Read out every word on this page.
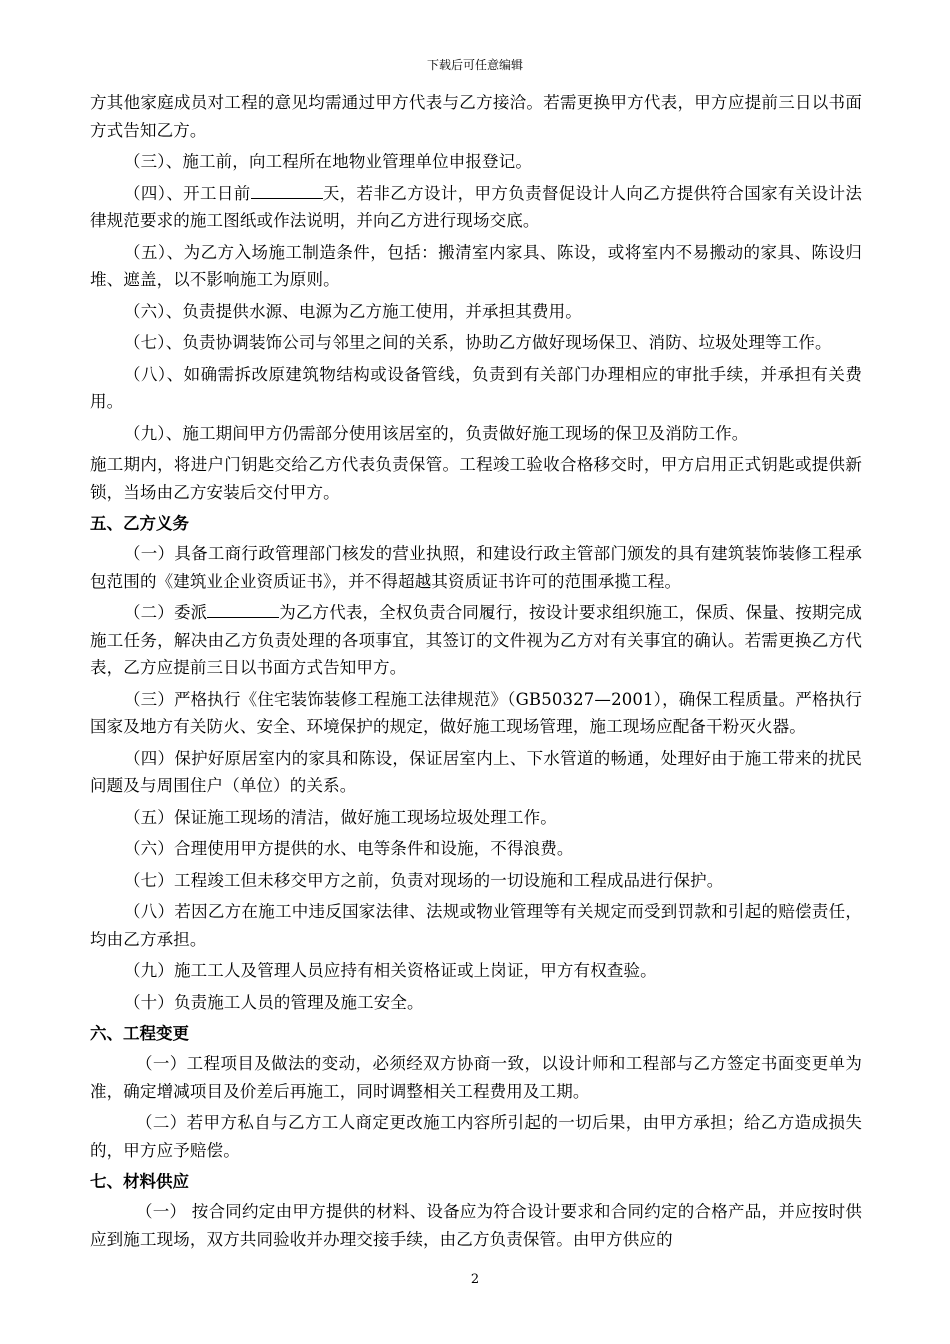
下载后可任意编辑
方其他家庭成员对工程的意见均需通过甲方代表与乙方接洽。若需更换甲方代表，甲方应提前三日以书面方式告知乙方。
（三）、施工前，向工程所在地物业管理单位申报登记。
（四）、开工日前	天，若非乙方设计，甲方负责督促设计人向乙方提供符合国家有关设计法律规范要求的施工图纸或作法说明，并向乙方进行现场交底。
（五）、为乙方入场施工制造条件，包括：搬清室内家具、陈设，或将室内不易搬动的家具、陈设归堆、遮盖，以不影响施工为原则。
（六）、负责提供水源、电源为乙方施工使用，并承担其费用。
（七）、负责协调装饰公司与邻里之间的关系，协助乙方做好现场保卫、消防、垃圾处理等工作。
（八）、如确需拆改原建筑物结构或设备管线，负责到有关部门办理相应的审批手续，并承担有关费用。
（九）、施工期间甲方仍需部分使用该居室的，负责做好施工现场的保卫及消防工作。
施工期内，将进户门钥匙交给乙方代表负责保管。工程竣工验收合格移交时，甲方启用正式钥匙或提供新锁，当场由乙方安装后交付甲方。
五、乙方义务
（一）具备工商行政管理部门核发的营业执照，和建设行政主管部门颁发的具有建筑装饰装修工程承包范围的《建筑业企业资质证书》，并不得超越其资质证书许可的范围承揽工程。
（二）委派	为乙方代表，全权负责合同履行，按设计要求组织施工，保质、保量、按期完成施工任务，解决由乙方负责处理的各项事宜，其签订的文件视为乙方对有关事宜的确认。若需更换乙方代表，乙方应提前三日以书面方式告知甲方。
（三）严格执行《住宅装饰装修工程施工法律规范》（GB50327—2001），确保工程质量。严格执行国家及地方有关防火、安全、环境保护的规定，做好施工现场管理，施工现场应配备干粉灭火器。
（四）保护好原居室内的家具和陈设，保证居室内上、下水管道的畅通，处理好由于施工带来的扰民问题及与周围住户（单位）的关系。
（五）保证施工现场的清洁，做好施工现场垃圾处理工作。
（六）合理使用甲方提供的水、电等条件和设施，不得浪费。
（七）工程竣工但未移交甲方之前，负责对现场的一切设施和工程成品进行保护。
（八）若因乙方在施工中违反国家法律、法规或物业管理等有关规定而受到罚款和引起的赔偿责任，均由乙方承担。
（九）施工工人及管理人员应持有相关资格证或上岗证，甲方有权查验。
（十）负责施工人员的管理及施工安全。
六、工程变更
（一）工程项目及做法的变动，必须经双方协商一致，以设计师和工程部与乙方签定书面变更单为准，确定增减项目及价差后再施工，同时调整相关工程费用及工期。
（二）若甲方私自与乙方工人商定更改施工内容所引起的一切后果，由甲方承担；给乙方造成损失的，甲方应予赔偿。
七、材料供应
（一） 按合同约定由甲方提供的材料、设备应为符合设计要求和合同约定的合格产品，并应按时供应到施工现场，双方共同验收并办理交接手续，由乙方负责保管。由甲方供应的
2
